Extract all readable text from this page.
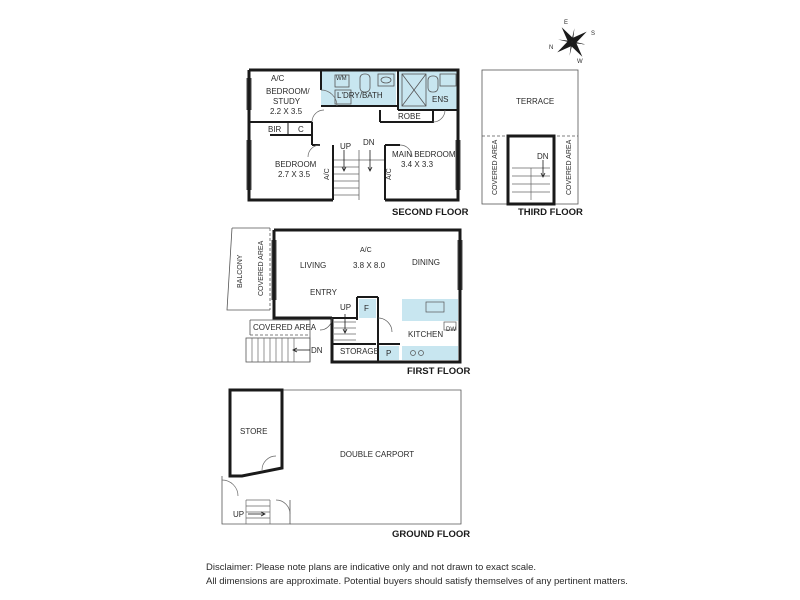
N
S
E
W
A/C
BEDROOM/
STUDY
2.2 X 3.5
WM
L'DRY/BATH	ENS
BIR C
ROBE
UP DN
BEDROOM
2.7 X 3.5
MAIN BEDROOM
3.4 X 3.3
A/C	A/C
SECOND FLOOR
TERRACE
COVERED AREA	COVERED AREA
DN
THIRD FLOOR
BALCONY COVERED AREA	LIVING
A/C
3.8 X 8.0	DINING
ENTRY
UP F
COVERED AREA
DN STORAGE P
KITCHEN DW
FIRST FLOOR
STORE
DOUBLE CARPORT
UP
GROUND FLOOR
Disclaimer: Please note plans are indicative only and not drawn to exact scale.
All dimensions are approximate. Potential buyers should satisfy themselves of any pertinent matters.
